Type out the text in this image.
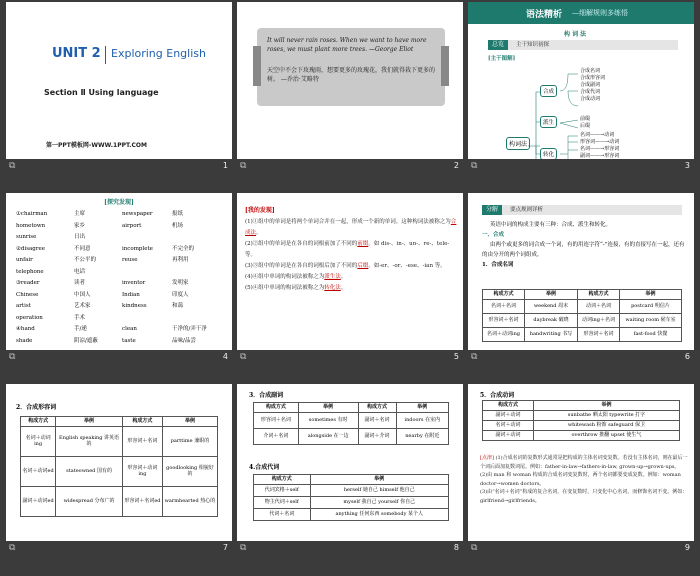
UNIT 2 Exploring English
Section Ⅱ Using language
第一PPT模板网-WWW.1PPT.COM
⧉	1
It will never rain roses. When we want to have more roses, we must plant more trees. —George Eliot
天空中不会下玫瑰雨，想要更多的玫瑰花，我们就得栽下更多的树。 —乔治·艾略特
⧉	2
语法精析 —细解规则多练悟
构 词 法
总览	主干知识初探
[主干图解]
构词法
合成
派生
转化
合成名词
合成形容词
合成副词
合成代词
合成动词
前缀
后缀
名词——→动词
形容词——→动词
名词——→形容词
副词——→形容词
⧉	3
[探究发现]
①chairman	主席	newspaper	报纸
hometown	家乡	airport	机场
sunrise	日出
②disagree	不同意	incomplete	不完全的
unfair	不公平的	reuse	再利用
telephone	电话
③reader	读者	inventor	发明家
Chinese	中国人	Indian	印度人
artist	艺术家	kindness	和蔼
operation	手术
④hand	手/递	clean	干净的/弄干净
shade	阴凉/遮蔽	taste	品味/品尝
⧉	4
[我的发现]
(1)①组中的单词是将两个单词合并在一起，形成一个新的单词。这种构词法被称之为合成法。
(2)②组中的单词是在各自的词根前加了不同的前缀。如 dis-、in-、un-、re-、tele- 等。
(3)③组中的单词是在各自的词根后加了不同的后缀。如-er、-or、-ese、-ian 等。
(4)④组中单词的构词法被称之为派生法。
(5)④组中单词的构词法被称之为转化法。
⧉	5
分解	要点规则详析
英语中词的构成主要有三种：合成、派生和转化。
一、合成
由两个或更多的词合成一个词，有的用连字符“-”连接，有的直接写在一起，还有的由分开的两个词组成。
1．合成名词
构成方式	举例	构成方式	举例
名词＋名词	weekend 周末	动词＋名词	postcard 明信片
形容词＋名词	daybreak 破晓	动词ing＋名词	waiting room 候车室
名词＋动词ing	handwriting 书写	形容词＋名词	fast-food 快餐
⧉	6
2．合成形容词
构成方式	举例	构成方式	举例
名词＋动词ing	English speaking 讲英语的	形容词＋名词	parttime 兼职的
名词＋动词ed	stateowned 国有的	形容词＋动词ing	goodlooking 相貌好的
副词＋动词ed	widespread 分布广的	形容词＋名词ed	warmhearted 热心的
⧉	7
3．合成副词
构成方式	举例	构成方式	举例
形容词＋名词	sometimes 有时	副词＋名词	indoors 在室内
介词＋名词	alongside 在一边	副词＋介词	nearby 在附近
4.合成代词
构成方式	举例
代词宾格＋self	herself 她自己 himself 他自己
物主代词＋self	myself 我自己 yourself 你自己
代词＋名词	anything 任何东西 somebody 某个人
⧉	8
5．合成动词
构成方式	举例
副词＋动词	sunbathe 晒太阳 typewrite 打字
名词＋动词	whitewash 粉饰 safeguard 保卫
副词＋动词	overthrow 推翻 upset 使生气
[点津] (1)合成名词的复数形式通常是把构成的主体名词变复数。若没有主体名词，则在最后一个词后面加复数词尾。例如：father-in-law→fathers-in-law, grown-up→grown-ups。
(2)由 man 和 woman 构成的合成名词变复数时，两个名词都要变成复数。例如：woman doctor→women doctors。
(3)由“名词＋名词”构成的复合名词，在变复数时，只变化中心名词，而修饰名词不变。例如：girlfriend→girlfriends。
⧉	9
